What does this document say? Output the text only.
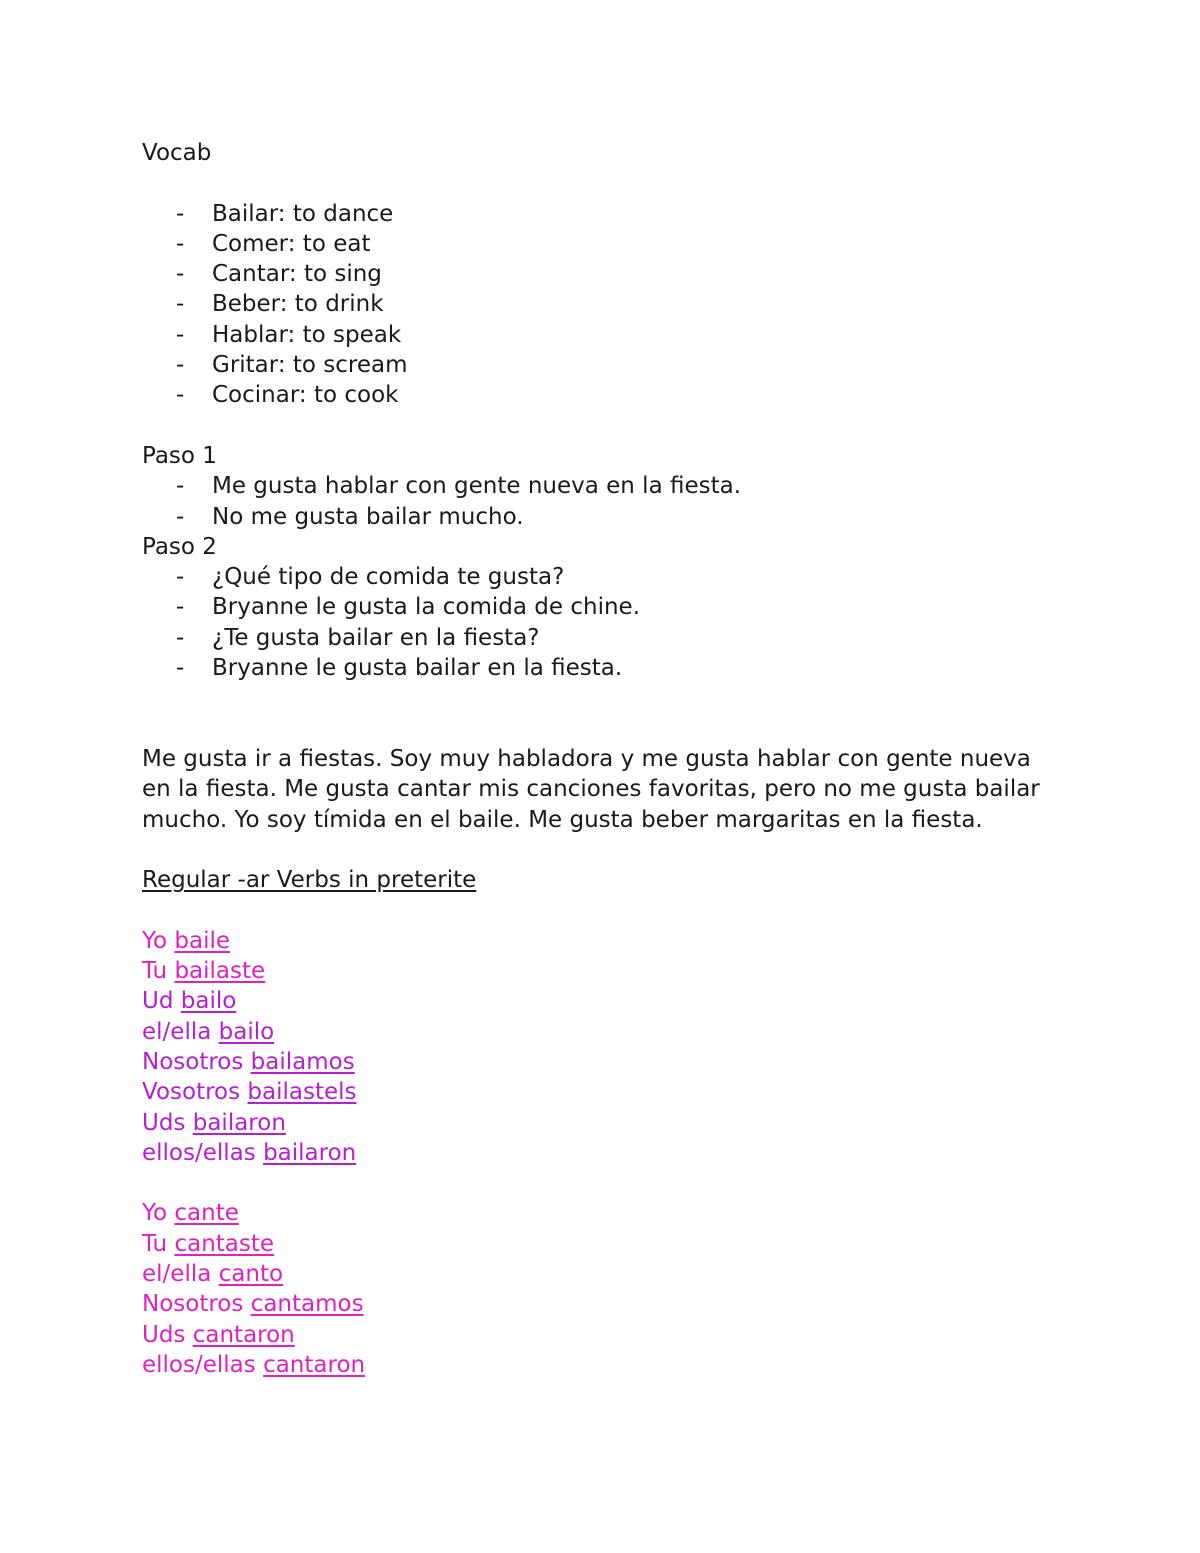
Vocab
- Bailar: to dance
- Comer: to eat
- Cantar: to sing
- Beber: to drink
- Hablar: to speak
- Gritar: to scream
- Cocinar: to cook
Paso 1
- Me gusta hablar con gente nueva en la fiesta.
- No me gusta bailar mucho.
Paso 2
- ¿Qué tipo de comida te gusta?
- Bryanne le gusta la comida de chine.
- ¿Te gusta bailar en la fiesta?
- Bryanne le gusta bailar en la fiesta.

Me gusta ir a fiestas. Soy muy habladora y me gusta hablar con gente nueva en la fiesta. Me gusta cantar mis canciones favoritas, pero no me gusta bailar mucho. Yo soy tímida en el baile. Me gusta beber margaritas en la fiesta.

Regular -ar Verbs in preterite
Yo baile
Tu bailaste
Ud bailo
el/ella bailo
Nosotros bailamos
Vosotros bailastels
Uds bailaron
ellos/ellas bailaron
Yo cante
Tu cantaste
el/ella canto
Nosotros cantamos
Uds cantaron
ellos/ellas cantaron
